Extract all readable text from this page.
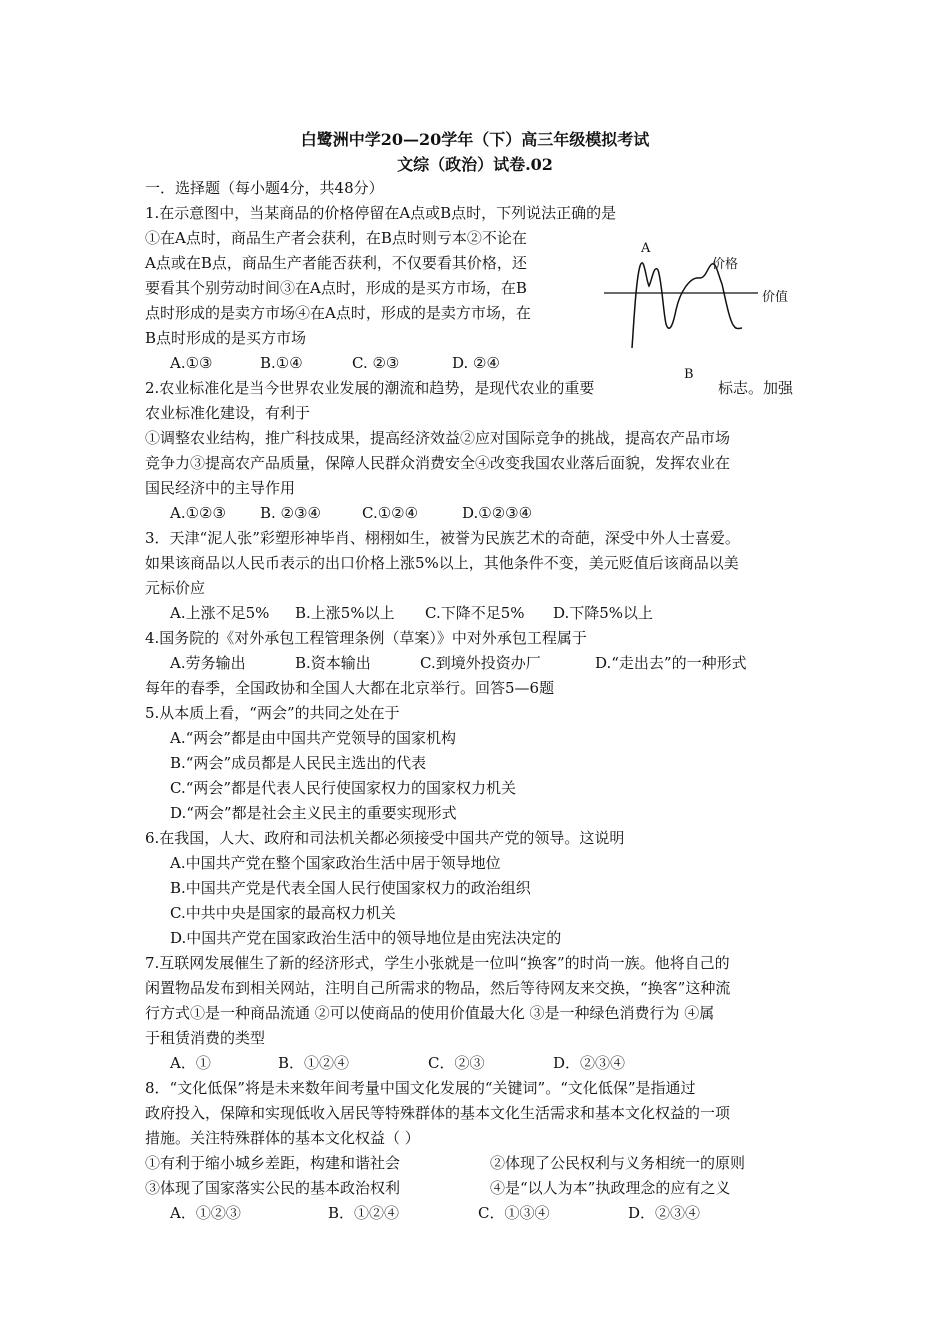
白鹭洲中学20—20学年（下）高三年级模拟考试
文综（政治）试卷.02
一．选择题（每小题4分，共48分）
1.在示意图中，当某商品的价格停留在A点或B点时，下列说法正确的是
①在A点时，商品生产者会获利，在B点时则亏本②不论在
A点或在B点，商品生产者能否获利，不仅要看其价格，还
要看其个别劳动时间③在A点时，形成的是买方市场，在B
点时形成的是卖方市场④在A点时，形成的是卖方市场，在
B点时形成的是买方市场
A.①③	B.①④	C. ②③	D. ②④
A
价格
价值
B
2.农业标准化是当今世界农业发展的潮流和趋势，是现代农业的重要	标志。加强
农业标准化建设，有利于
①调整农业结构，推广科技成果，提高经济效益②应对国际竞争的挑战，提高农产品市场
竞争力③提高农产品质量，保障人民群众消费安全④改变我国农业落后面貌，发挥农业在
国民经济中的主导作用
A.①②③ B. ②③④	C.①②④	D.①②③④
3．天津“泥人张”彩塑形神毕肖、栩栩如生，被誉为民族艺术的奇葩，深受中外人士喜爱。
如果该商品以人民币表示的出口价格上涨5%以上，其他条件不变，美元贬值后该商品以美
元标价应
A.上涨不足5% B.上涨5%以上 C.下降不足5% D.下降5%以上
4.国务院的《对外承包工程管理条例（草案）》中对外承包工程属于
A.劳务输出	B.资本输出	C.到境外投资办厂	D.“走出去”的一种形式
每年的春季，全国政协和全国人大都在北京举行。回答5—6题
5.从本质上看，“两会”的共同之处在于
A.“两会”都是由中国共产党领导的国家机构
B.“两会”成员都是人民民主选出的代表
C.“两会”都是代表人民行使国家权力的国家权力机关
D.“两会”都是社会主义民主的重要实现形式
6.在我国，人大、政府和司法机关都必须接受中国共产党的领导。这说明
A.中国共产党在整个国家政治生活中居于领导地位
B.中国共产党是代表全国人民行使国家权力的政治组织
C.中共中央是国家的最高权力机关
D.中国共产党在国家政治生活中的领导地位是由宪法决定的
7.互联网发展催生了新的经济形式，学生小张就是一位叫“换客”的时尚一族。他将自己的
闲置物品发布到相关网站，注明自己所需求的物品，然后等待网友来交换，“换客”这种流
行方式①是一种商品流通 ②可以使商品的使用价值最大化 ③是一种绿色消费行为 ④属
于租赁消费的类型
A．①	B．①②④	C．②③	D．②③④
8．“文化低保”将是未来数年间考量中国文化发展的“关键词”。“文化低保”是指通过
政府投入，保障和实现低收入居民等特殊群体的基本文化生活需求和基本文化权益的一项
措施。关注特殊群体的基本文化权益（ ）
①有利于缩小城乡差距，构建和谐社会	②体现了公民权利与义务相统一的原则
③体现了国家落实公民的基本政治权利	④是“以人为本”执政理念的应有之义
A．①②③	B．①②④	C．①③④	D．②③④
